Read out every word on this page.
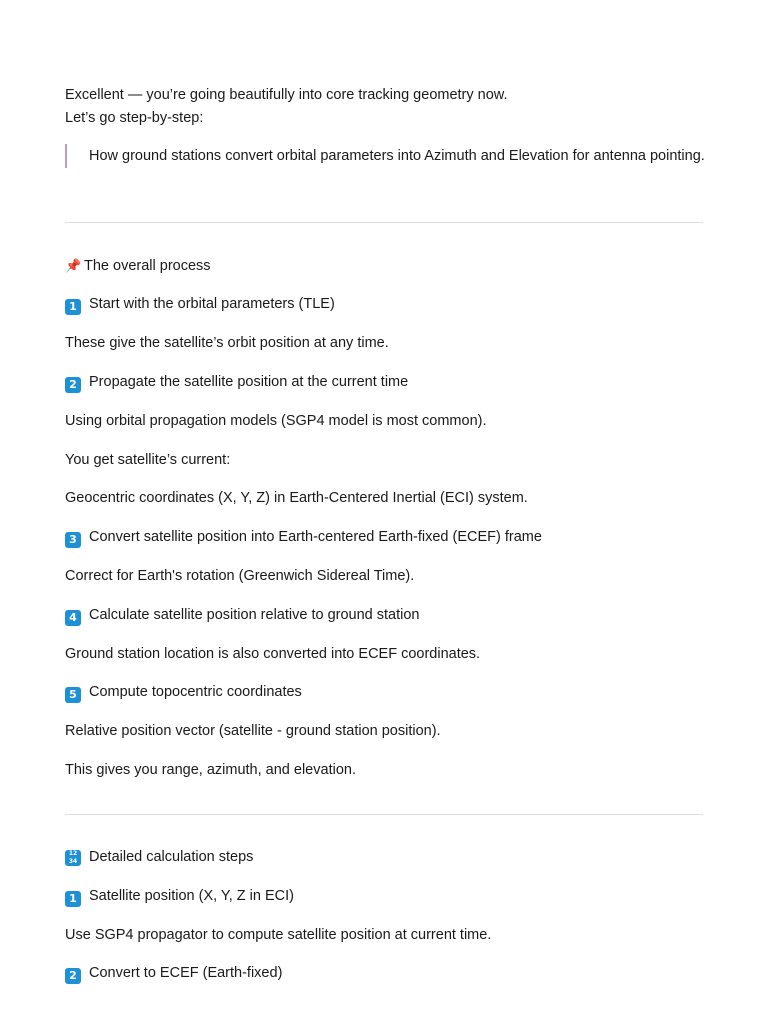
Excellent — you’re going beautifully into core tracking geometry now.
Let’s go step-by-step:
How ground stations convert orbital parameters into Azimuth and Elevation for antenna pointing.
📌 The overall process
1 Start with the orbital parameters (TLE)
These give the satellite’s orbit position at any time.
2 Propagate the satellite position at the current time
Using orbital propagation models (SGP4 model is most common).
You get satellite’s current:
Geocentric coordinates (X, Y, Z) in Earth-Centered Inertial (ECI) system.
3 Convert satellite position into Earth-centered Earth-fixed (ECEF) frame
Correct for Earth's rotation (Greenwich Sidereal Time).
4 Calculate satellite position relative to ground station
Ground station location is also converted into ECEF coordinates.
5 Compute topocentric coordinates
Relative position vector (satellite - ground station position).
This gives you range, azimuth, and elevation.
12
34 Detailed calculation steps
1 Satellite position (X, Y, Z in ECI)
Use SGP4 propagator to compute satellite position at current time.
2 Convert to ECEF (Earth-fixed)
